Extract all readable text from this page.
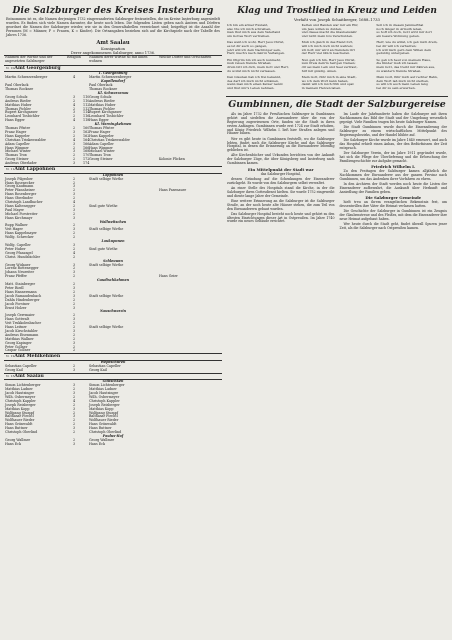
Die Salzburger des Kreises Insterburg
Entnommen ist es, die Namen derjenigen 1732 eingewanderten Salzburger festzustellen, die im Kreise Insterburg angesiedelt wurden. Es finden sich viele Namen darunter, die heute noch leben. Die folgenden Listen geben nach Ämtern und Dörfern geordnet die Namen der Salzburger wieder, wie sie in den Generaltabellen verzeichnet sind; beigefügt ist die Anzahl der Personen (M = Männer, F = Frauen, K = Kinder). Die Ortsangaben beziehen sich auf die Kirchspiele nach der Tabelle des Jahres 1736.
Amt Saalau
Konsignation
Derer angekommenen Salzburger, anno 1736.
Nahmen der Wirthe und der angesetzten Salzburger	Religion		Nahmen derer Wirthe so mit ihnen wohnen	Welche Dörfer und Ortschaften

N. 10 Amt Georgenburg				
1. Georgenburg				
Martin Schwarzenberger	4		Martin Schwarzenberger	
Kapellendorf				
Paul Oberlack			Paul Oberlack	
Thomas Rockner			Thomas Rockner	
Kl. Schwarzenau				
Georg Schulz	3	110	Georg Schulz	
Andreas Rieder	2	110	Andreas Rieder	
Matthias Huber	4	112	Matthias Huber	
Thomas Pichler	2	112	Thomas Pichler	
Rupert Kirchgasser	3	114	Rupert Kirchgasser	
Leonhard Tosbichler	2	116	Leonhard Tosbichler	
Hans Egger	4	118	Hans Egger	
Kl. Warningkehmen				
Thomas Pfister	2	160	Thomas Pfister	
Franz Hager	3	162	Franz Hager	
Hans Kappeler	2	162	Hans Kappeler	
Christian Trinkenwalder	4	164	Christian Trinkenwalder	
Adam Capeller	3	166	Adam Capeller	
Hans Wimmer	2	166	Hans Wimmer	
Michael Winter	3	168	Michael Winter	
Thomas Trox	2	170	Thomas Trox	
Georg Steiner	2	172	Georg Steiner	Kolonie Plicken
Andreas Oberlader	3	174		

N. 11 Amt Lappöhnen				
Lappöhnen				
Joseph Pilgrober	2		Stadt selbige Wirthe	
Hans Rosenecker	2			
Georg Kaufmann	3			
Peter Pfannheiser	2			Hans Pasenauer
Hans Rosenberger	3			
Hans Oberlinder	2			
Christoph Landbacher	4			
Hans Kaltenegger	2		Sind gute Wirthe	
Paul Mayer	3			
Michael Forstreiter	2			
Hans Kirchmayr	3			
Wallweitschen				
Rupp Wallner	2			
Veit Hager	3		Stadt selbige Wirthe	
Hans Kappelmayer	2			
Wolfg. Schrecker	2			
Laukuponen				
Wolfg. Capeller	3			
Peter Huber	2		Sind gute Wirthe	
Georg Pfanzagel	4			
Christ. Hundsbichler	2			
Schleuwen				
Georg Widauer	3		Stadt selbige Wirthe	
Lorenz Rottenegger	2			
Johann Neureiter	3			
Franz Pfeffer	2			Hans Geier
Gaudischkehmen				
Matt. Stainberger	2			
Peter Riedl	3			
Hans Hannermann	2			
Jacob Ramaudenbach	3		Stadt selbige Wirthe	
Dahln Hindenberger	2			
Jacob Forstner	2			
Ernst Holzer	3			
Nauschwarzin				
Joseph Gerrmaier	2			
Hans Gottwalt	3			
Veit Trukkolenbacher	2			
Hans Leitner	2		Stadt selbige Wirthe	
Jacob Kirschstahler	3			
Andreas Eisenmann	2			
Matthias Wallner	2			
Georg Kapinger	3			
Peter Gollner	2			
Caspar Gollner	2			

N. 12 Amt Mehlkehmen				
Wepeschuren				
Sebastian Capeller	2		Sebastian Capeller	
Georg Kail	3		Georg Kail	

N. 13 Amt Saalau				
Gillischken				
Simon Lichtenberger	3		Simon Lichtenberger	
Matthias Ladner	2		Matthias Ladner	
Jacob Hautzinger	3		Jacob Hautzinger	
Wilh. Osbermeyer	2		Wilh. Osbermeyer	
Christoph Kappler	4		Christoph Kappler	
Joseph Reisberger	2		Joseph Reisberger	
Matthias Kopp	3		Matthias Kopp	
Wolfgang Stumpf	2		Wolfgang Stumpf	
Balthasar Fiechtl	3		Balthasar Fiechtl	
Wolfhauer Rieder	2		Wolfhauer Rieder	
Hans Grünwaldt	2		Hans Grünwaldt	
Hans Ruttner	3		Hans Ruttner	
Christoph Oberlind	2		Christoph Oberlind	
Paulus-Hof				
Georg Wallmer	2		Georg Wallmer	
Hans Eck	3		Hans Eck	
Klag und Trostlied in Kreuz und Leiden
Verfaßt von Joseph Schaitberger, 1688–1733
Ich bin ein armer Exulant,
also thu ich mich schreiben,
man thut mich aus dem Vaterland
um Gottes Wort vertreiben.
Das weiß ich wohl, Herr Jesu Christ,
es ist dir auch so gangen,
jetzt will ich dein Nachfolger sein,
Herr, mach's nach dein'm Verlangen.
Ein Pilgrim bin ich auch nunmehr,
muß reisen fremde Straßen;
drum bitt ich dich, mein Gott und Herr,
du wollst mich nicht verlassen.
Den Glauben hab ich frei bekannt,
des darf ich mich nicht schämen,
wenn man mich einen Ketzer nennt
und thut mir's Leben nehmen.
Ketten und Banden war mir ein Ehr,
um Jesu willen zu dulden,
und dieses macht die Glaubenslehr
und nicht mein bös Verschulden.
Muß ich gleich in das Elend fort,
will ich mich doch nicht wehren;
ich hoff, mir wird an fremdem Ort
der Herr viel Glück bescheren.
Nun geh ich hin, Herr Jesu Christ,
zum Preis dein'm heil'gen Namen;
dir sei mein Leib und Seel vertraut,
hilf mir gnädig. Amen.
Mein Gott, führ mich in eine Stadt,
wo ich dein Wort kann haben,
damit will ich mich früh und spat
in meinem Herzen laben.
Soll ich in diesem Jammerthal
noch länger in Armuth leben,
so hoff ich doch, Gott wird mir dort
ein bessre Wohnung geben.
Herr, wie du willst, ich geb mich drein,
bei dir will ich verharren;
ich will mich gern dem Willen dein
geduldig untergeben.
So geh ich heut von meinem Haus,
die Kinder muß ich lassen;
mein Gott, das treibt mir Zähren aus,
zu wandern fremde Straßen.
Mein Gott, führ mich auf rechter Bahn,
dein Wort laß mich nicht sterben,
so will ich auch mein Leben lang
bei dir zu sein erwerben.
Gumbinnen, die Stadt der Salzburgereise

Als im Jahre 1732 die Preußischen Salzburger in Gumbinnen gehört und siedelten die Auswanderer über die von der Regierung zugewiesenen Orte, fanden sie die Stadt in ihren ersten Anfängen. Gumbinnen wurde erst 1724 zur Stadt erhoben, und König Friedrich Wilhelm I. ließ hier Straßen anlegen und Häuser bauen.

Wer es gibt heute in Gumbinnen feststellt, wo die Salzburger lebten, findet noch die Salzburger Kirche und das Salzburger Hospital, in denen die Erinnerung an die Einwanderer lebendig geblieben ist.

Alte Kirchenbücher und Urkunden berichten von der Ankunft der Salzburger Züge, die über Königsberg und Insterburg nach Gumbinnen kamen.

Ein Mittelpunkt der Stadt war

das Salzburger Hospital,

dessen Gründung auf die Schenkungen der Einwanderer zurückgeht. Es wurde von den Salzburgern selbst verwaltet.

An einer Stelle des Hospitals stand die Kirche, in der die Salzburger ihren Gottesdienst hielten. Sie wurde 1752 eingeweiht und diente lange Jahre der Gemeinde.

Eine weitere Erinnerung an die Salzburger ist die Salzburger Straße, an der noch heute alte Häuser stehen, die zum Teil von den Einwanderern gebaut wurden.

Das Salzburger Hospital besteht noch heute und gehört zu den ältesten Einrichtungen dieser Art in Ostpreußen. Im Jahre 1740 wurde ein neues Gebäude errichtet.

Im Laufe der Jahrhunderte haben die Salzburger mit ihren Nachkommen das Bild der Stadt und der Umgebung wesentlich geprägt. Viele Familien tragen bis heute Salzburger Namen.

Die Stadt Gumbinnen wurde durch die Einwanderung der Salzburger zu einem wirtschaftlichen Mittelpunkt des Regierungsbezirks, und der Handel blühte auf.

Die Salzburger Kirche wurde im Jahre 1840 erneuert, und auch das Hospital erhielt einen Anbau, der den Bedürfnissen der Zeit entsprach.

Der Salzburger Verein, der im Jahre 1911 gegründet wurde, hat sich die Pflege der Überlieferung und die Erforschung der Familiengeschichte zur Aufgabe gemacht.

Friedrich Wilhelm I.

Zu den Festtagen der Salzburger kamen alljährlich die Nachkommen der Einwanderer aus der ganzen Provinz nach Gumbinnen, um das Andenken ihrer Vorfahren zu ehren.

In den Archiven der Stadt werden noch heute die Listen der Einwanderer aufbewahrt, die Auskunft über Herkunft und Ansiedlung der Familien geben.

Die Salzburger Gemeinde

hielt treu an ihrem evangelischen Bekenntnis fest, um dessentwillen ihre Väter die Heimat verlassen hatten.

Die Geschichte der Salzburger in Gumbinnen ist ein Zeugnis der Glaubenstreue und des Fleißes, mit dem die Einwanderer ihre neue Heimat aufgebaut haben.

Wer heute durch die Stadt geht, findet überall Spuren jener Zeit, als die Salzburger nach Ostpreußen kamen.
